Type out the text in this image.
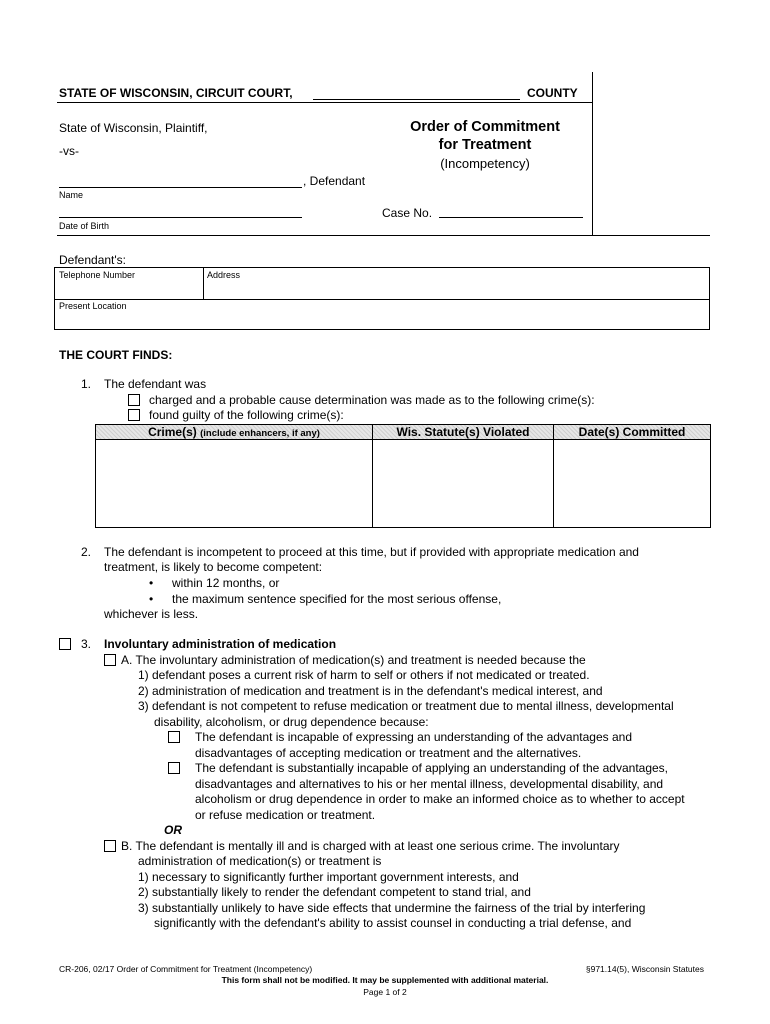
STATE OF WISCONSIN, CIRCUIT COURT,	COUNTY
State of Wisconsin, Plaintiff,
-vs-
, Defendant
Name
Date of Birth
Order of Commitment
for Treatment
(Incompetency)
Case No.
Defendant's:
Telephone Number	Address
Present Location
THE COURT FINDS:
1. The defendant was
charged and a probable cause determination was made as to the following crime(s):
found guilty of the following crime(s):
Crime(s) (include enhancers, if any)	Wis. Statute(s) Violated	Date(s) Committed
2. The defendant is incompetent to proceed at this time, but if provided with appropriate medication and
treatment, is likely to become competent:
• within 12 months, or
• the maximum sentence specified for the most serious offense,
whichever is less.
3. Involuntary administration of medication
A. The involuntary administration of medication(s) and treatment is needed because the
1) defendant poses a current risk of harm to self or others if not medicated or treated.
2) administration of medication and treatment is in the defendant's medical interest, and
3) defendant is not competent to refuse medication or treatment due to mental illness, developmental
disability, alcoholism, or drug dependence because:
The defendant is incapable of expressing an understanding of the advantages and
disadvantages of accepting medication or treatment and the alternatives.
The defendant is substantially incapable of applying an understanding of the advantages,
disadvantages and alternatives to his or her mental illness, developmental disability, and
alcoholism or drug dependence in order to make an informed choice as to whether to accept
or refuse medication or treatment.
OR
B. The defendant is mentally ill and is charged with at least one serious crime. The involuntary
administration of medication(s) or treatment is
1) necessary to significantly further important government interests, and
2) substantially likely to render the defendant competent to stand trial, and
3) substantially unlikely to have side effects that undermine the fairness of the trial by interfering
significantly with the defendant's ability to assist counsel in conducting a trial defense, and
CR-206, 02/17 Order of Commitment for Treatment (Incompetency)	§971.14(5), Wisconsin Statutes
This form shall not be modified. It may be supplemented with additional material.
Page 1 of 2
